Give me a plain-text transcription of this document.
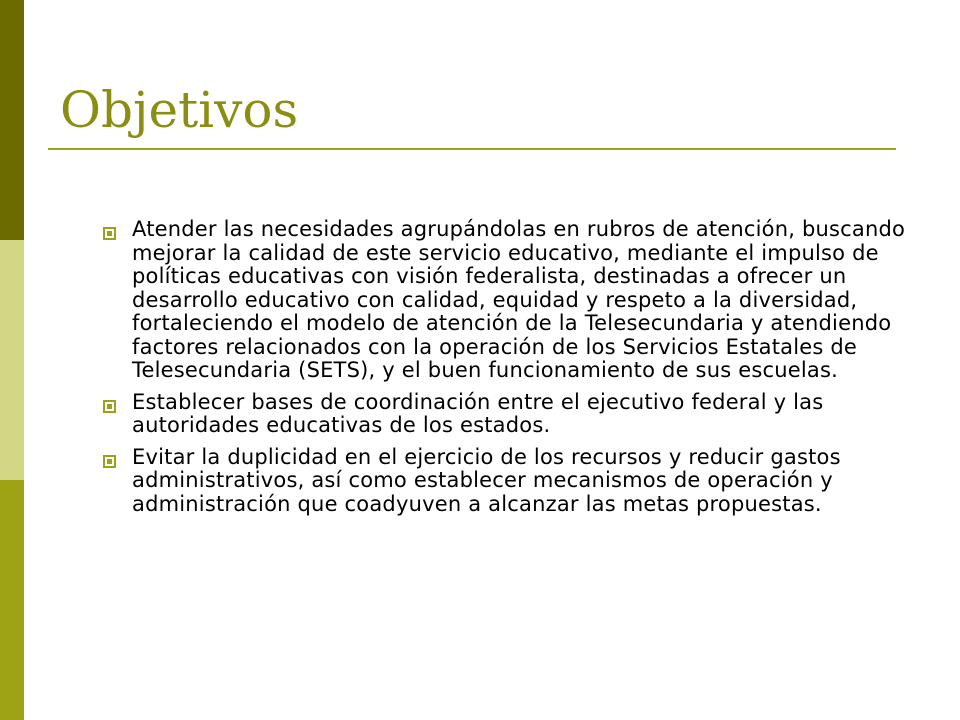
Objetivos
Atender las necesidades agrupándolas en rubros de atención, buscando mejorar la calidad de este servicio educativo, mediante el impulso de políticas educativas con visión federalista, destinadas a ofrecer un desarrollo educativo con calidad, equidad y respeto a la diversidad, fortaleciendo el modelo de atención de la Telesecundaria y atendiendo factores relacionados con la operación de los Servicios Estatales de Telesecundaria (SETS), y el buen funcionamiento de sus escuelas.
Establecer bases de coordinación entre el ejecutivo federal y las autoridades educativas de los estados.
Evitar la duplicidad en el ejercicio de los recursos y reducir gastos administrativos, así como establecer mecanismos de operación y administración que coadyuven a alcanzar las metas propuestas.
